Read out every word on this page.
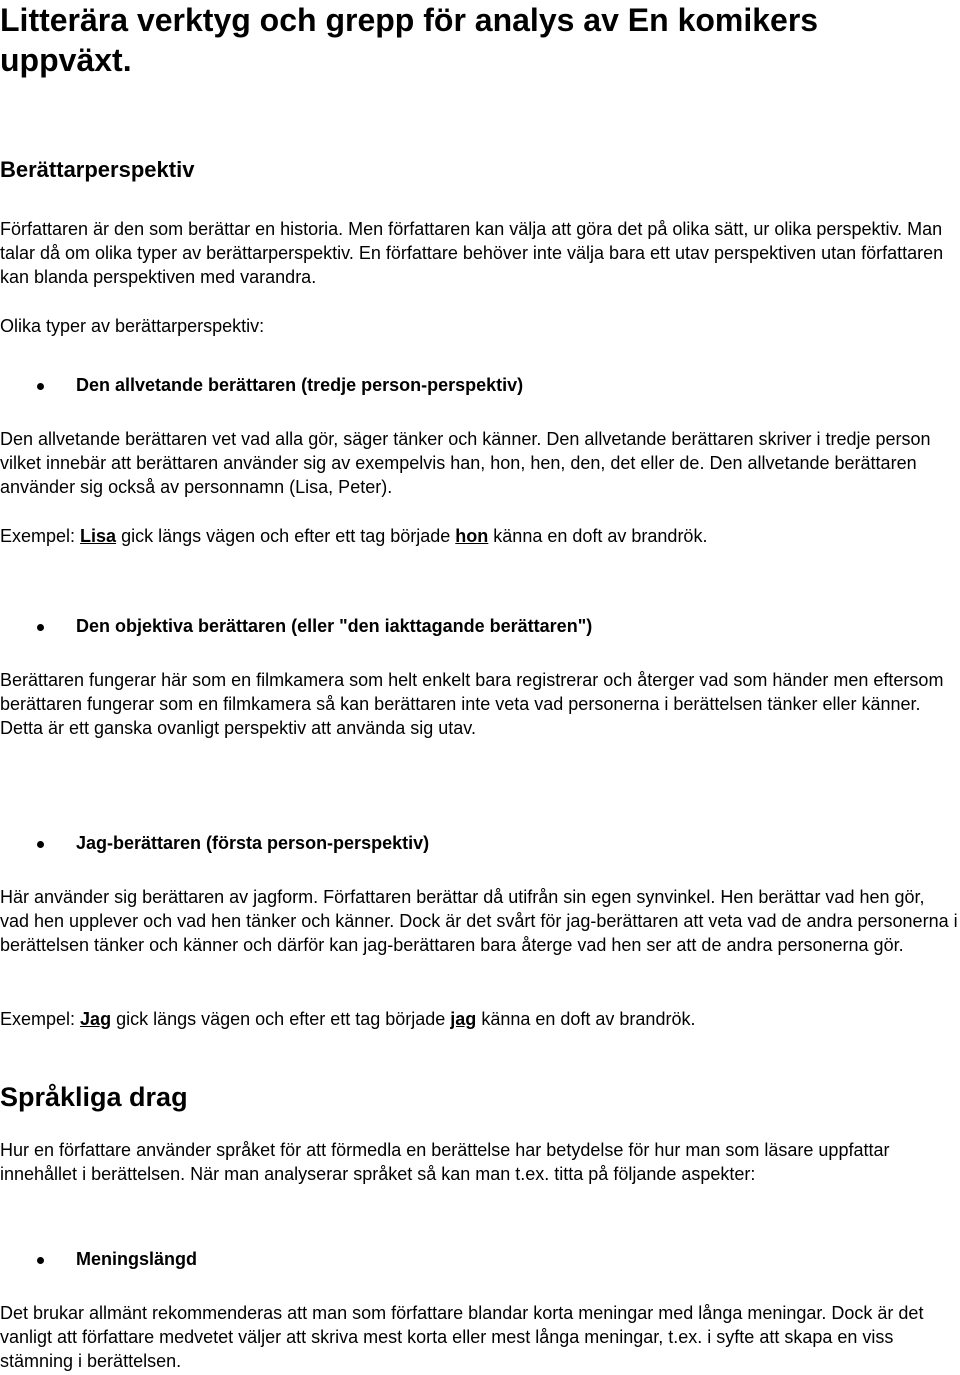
Litterära verktyg och grepp för analys av En komikers uppväxt.
Berättarperspektiv

Författaren är den som berättar en historia. Men författaren kan välja att göra det på olika sätt, ur olika perspektiv. Man talar då om olika typer av berättarperspektiv. En författare behöver inte välja bara ett utav perspektiven utan författaren kan blanda perspektiven med varandra.

Olika typer av berättarperspektiv:

Den allvetande berättaren (tredje person-perspektiv)

Den allvetande berättaren vet vad alla gör, säger tänker och känner. Den allvetande berättaren skriver i tredje person vilket innebär att berättaren använder sig av exempelvis han, hon, hen, den, det eller de. Den allvetande berättaren använder sig också av personnamn (Lisa, Peter).

Exempel: Lisa gick längs vägen och efter ett tag började hon känna en doft av brandrök.

Den objektiva berättaren (eller "den iakttagande berättaren")

Berättaren fungerar här som en filmkamera som helt enkelt bara registrerar och återger vad som händer men eftersom berättaren fungerar som en filmkamera så kan berättaren inte veta vad personerna i berättelsen tänker eller känner. Detta är ett ganska ovanligt perspektiv att använda sig utav.

Jag-berättaren (första person-perspektiv)

Här använder sig berättaren av jagform. Författaren berättar då utifrån sin egen synvinkel. Hen berättar vad hen gör, vad hen upplever och vad hen tänker och känner. Dock är det svårt för jag-berättaren att veta vad de andra personerna i berättelsen tänker och känner och därför kan jag-berättaren bara återge vad hen ser att de andra personerna gör.

Exempel: Jag gick längs vägen och efter ett tag började jag känna en doft av brandrök.

Språkliga drag

Hur en författare använder språket för att förmedla en berättelse har betydelse för hur man som läsare uppfattar innehållet i berättelsen. När man analyserar språket så kan man t.ex. titta på följande aspekter:

Meningslängd

Det brukar allmänt rekommenderas att man som författare blandar korta meningar med långa meningar. Dock är det vanligt att författare medvetet väljer att skriva mest korta eller mest långa meningar, t.ex. i syfte att skapa en viss stämning i berättelsen.
